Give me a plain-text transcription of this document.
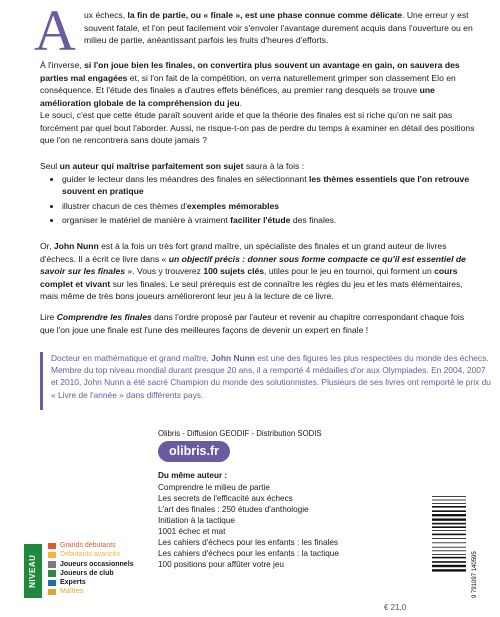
A ux échecs, la fin de partie, ou « finale », est une phase connue comme délicate. Une erreur y est souvent fatale, et l'on peut facilement voir s'envoler l'avantage durement acquis dans l'ouverture ou en milieu de partie, anéantissant parfois les fruits d'heures d'efforts.

À l'inverse, si l'on joue bien les finales, on convertira plus souvent un avantage en gain, on sauvera des parties mal engagées et, si l'on fait de la compétition, on verra naturellement grimper son classement Elo en conséquence. Et l'étude des finales a d'autres effets bénéfices, au premier rang desquels se trouve une amélioration globale de la compréhension du jeu.

Le souci, c'est que cette étude paraît souvent aride et que la théorie des finales est si riche qu'on ne sait pas forcément par quel bout l'aborder. Aussi, ne risque-t-on pas de perdre du temps à examiner en détail des positions que l'on ne rencontrera sans doute jamais ?

Seul un auteur qui maîtrise parfaitement son sujet saura à la fois :

• guider le lecteur dans les méandres des finales en sélectionnant les thèmes essentiels que l'on retrouve souvent en pratique
• illustrer chacun de ces thèmes d'exemples mémorables
• organiser le matériel de manière à vraiment faciliter l'étude des finales.

Or, John Nunn est à la fois un très fort grand maître, un spécialiste des finales et un grand auteur de livres d'échecs. Il a écrit ce livre dans « un objectif précis : donner sous forme compacte ce qu'il est essentiel de savoir sur les finales ». Vous y trouverez 100 sujets clés, utiles pour le jeu en tournoi, qui forment un cours complet et vivant sur les finales. Le seul prérequis est de connaître les règles du jeu et les mats élémentaires, mais même de très bons joueurs amélioreront leur jeu à la lecture de ce livre.

Lire Comprendre les finales dans l'ordre proposé par l'auteur et revenir au chapitre correspondant chaque fois que l'on joue une finale est l'une des meilleures façons de devenir un expert en finale !

Docteur en mathématique et grand maître, John Nunn est une des figures les plus respectées du monde des échecs. Membre du top niveau mondial durant presque 20 ans, il a remporté 4 médailles d'or aux Olympiades. En 2004, 2007 et 2010, John Nunn a été sacré Champion du monde des solutionnistes. Plusieurs de ses livres ont remporté le prix du « Livre de l'année » dans différents pays.

Olibris - Diffusion GEODIF - Distribution SODIS
olibris.fr
Du même auteur :
Comprendre le milieu de partie
Les secrets de l'efficacité aux échecs
L'art des finales : 250 études d'anthologie
Initiation à la tactique
1001 échec et mat
Les cahiers d'échecs pour les enfants : les finales
Les cahiers d'échecs pour les enfants : la tactique
100 positions pour affûter votre jeu
NIVEAU
Grands débutants
Débutants avancés
Joueurs occasionnels
Joueurs de club
Experts
Maîtres	9 791097 140595
€ 21,0
